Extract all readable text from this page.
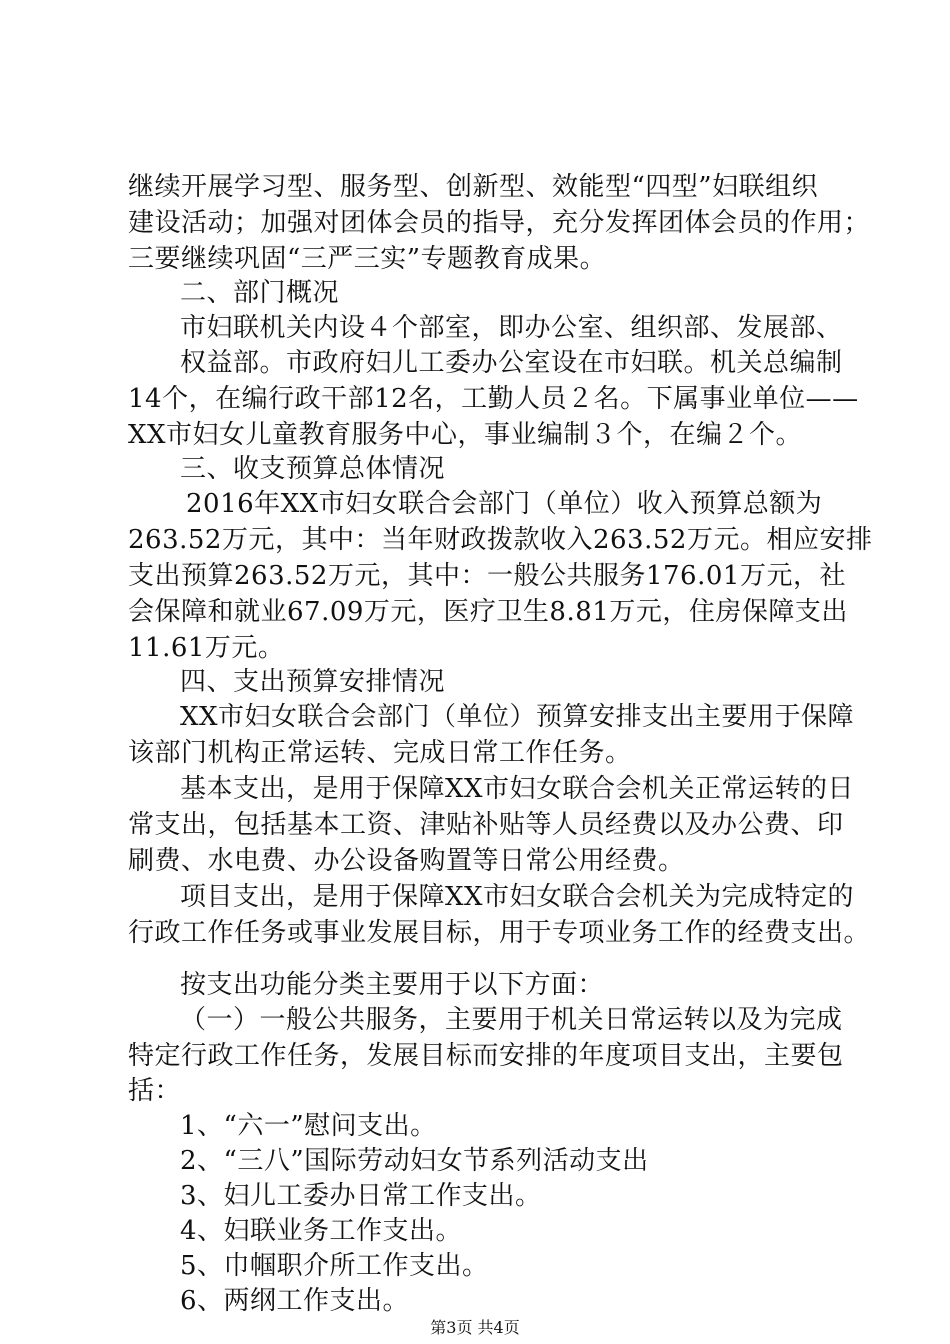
继续开展学习型、服务型、创新型、效能型“四型”妇联组织
建设活动；加强对团体会员的指导，充分发挥团体会员的作用；
三要继续巩固“三严三实”专题教育成果。
二、部门概况
市妇联机关内设４个部室，即办公室、组织部、发展部、
权益部。市政府妇儿工委办公室设在市妇联。机关总编制
14个，在编行政干部12名，工勤人员２名。下属事业单位——
XX市妇女儿童教育服务中心，事业编制３个，在编２个。
三、收支预算总体情况
2016年XX市妇女联合会部门（单位）收入预算总额为
263.52万元，其中：当年财政拨款收入263.52万元。相应安排
支出预算263.52万元，其中：一般公共服务176.01万元，社
会保障和就业67.09万元，医疗卫生8.81万元，住房保障支出
11.61万元。
四、支出预算安排情况
XX市妇女联合会部门（单位）预算安排支出主要用于保障
该部门机构正常运转、完成日常工作任务。
基本支出，是用于保障XX市妇女联合会机关正常运转的日
常支出，包括基本工资、津贴补贴等人员经费以及办公费、印
刷费、水电费、办公设备购置等日常公用经费。
项目支出，是用于保障XX市妇女联合会机关为完成特定的
行政工作任务或事业发展目标，用于专项业务工作的经费支出。
按支出功能分类主要用于以下方面：
（一）一般公共服务，主要用于机关日常运转以及为完成
特定行政工作任务，发展目标而安排的年度项目支出，主要包
括：
1、“六一”慰问支出。
2、“三八”国际劳动妇女节系列活动支出
3、妇儿工委办日常工作支出。
4、妇联业务工作支出。
5、巾帼职介所工作支出。
6、两纲工作支出。
第3页 共4页
